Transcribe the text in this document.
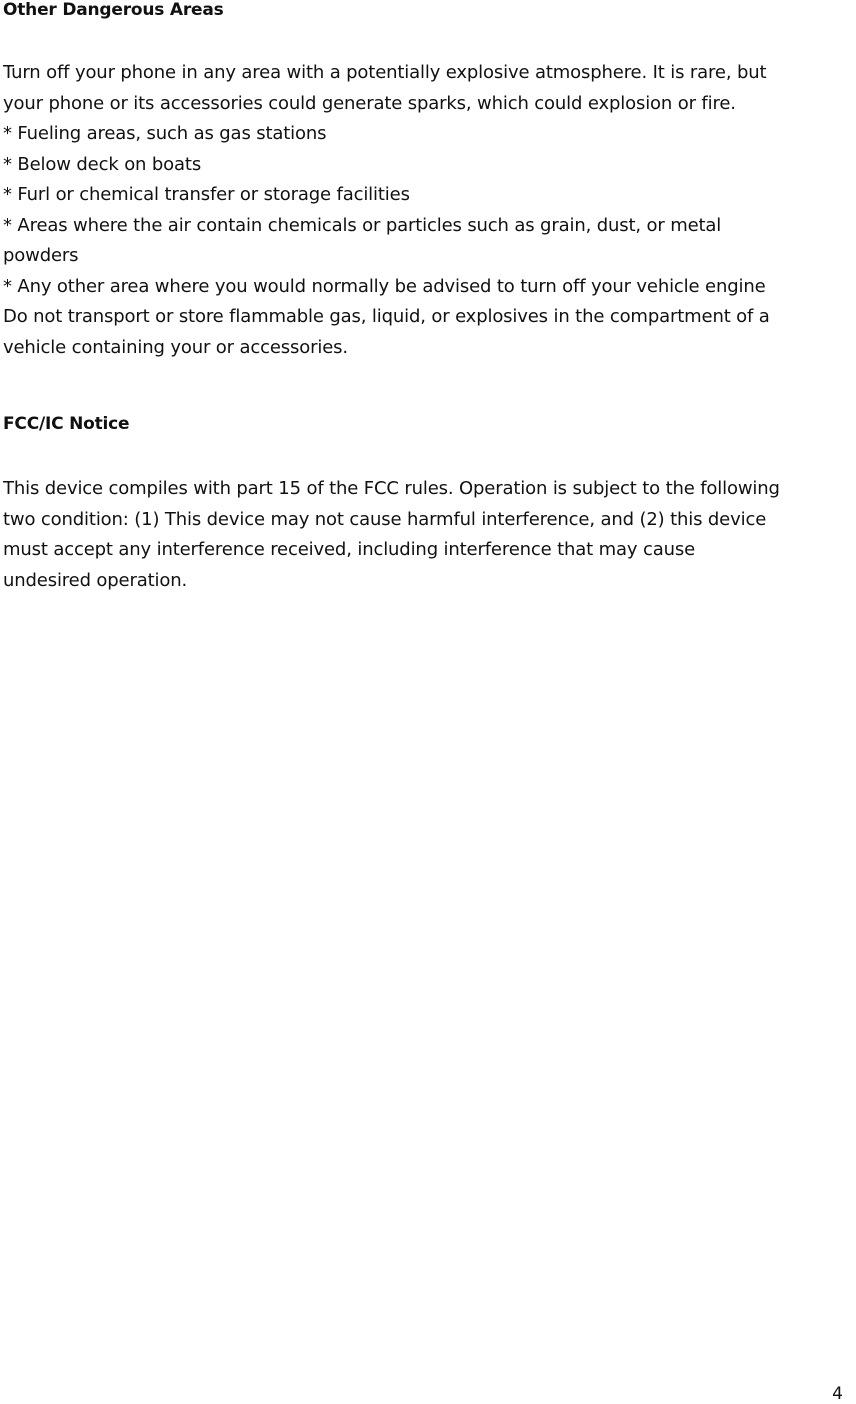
Other Dangerous Areas
Turn off your phone in any area with a potentially explosive atmosphere. It is rare, but
your phone or its accessories could generate sparks, which could explosion or fire.
* Fueling areas, such as gas stations
* Below deck on boats
* Furl or chemical transfer or storage facilities
* Areas where the air contain chemicals or particles such as grain, dust, or metal
powders
* Any other area where you would normally be advised to turn off your vehicle engine
Do not transport or store flammable gas, liquid, or explosives in the compartment of a
vehicle containing your or accessories.
FCC/IC Notice
This device compiles with part 15 of the FCC rules. Operation is subject to the following
two condition: (1) This device may not cause harmful interference, and (2) this device
must accept any interference received, including interference that may cause
undesired operation.
4
